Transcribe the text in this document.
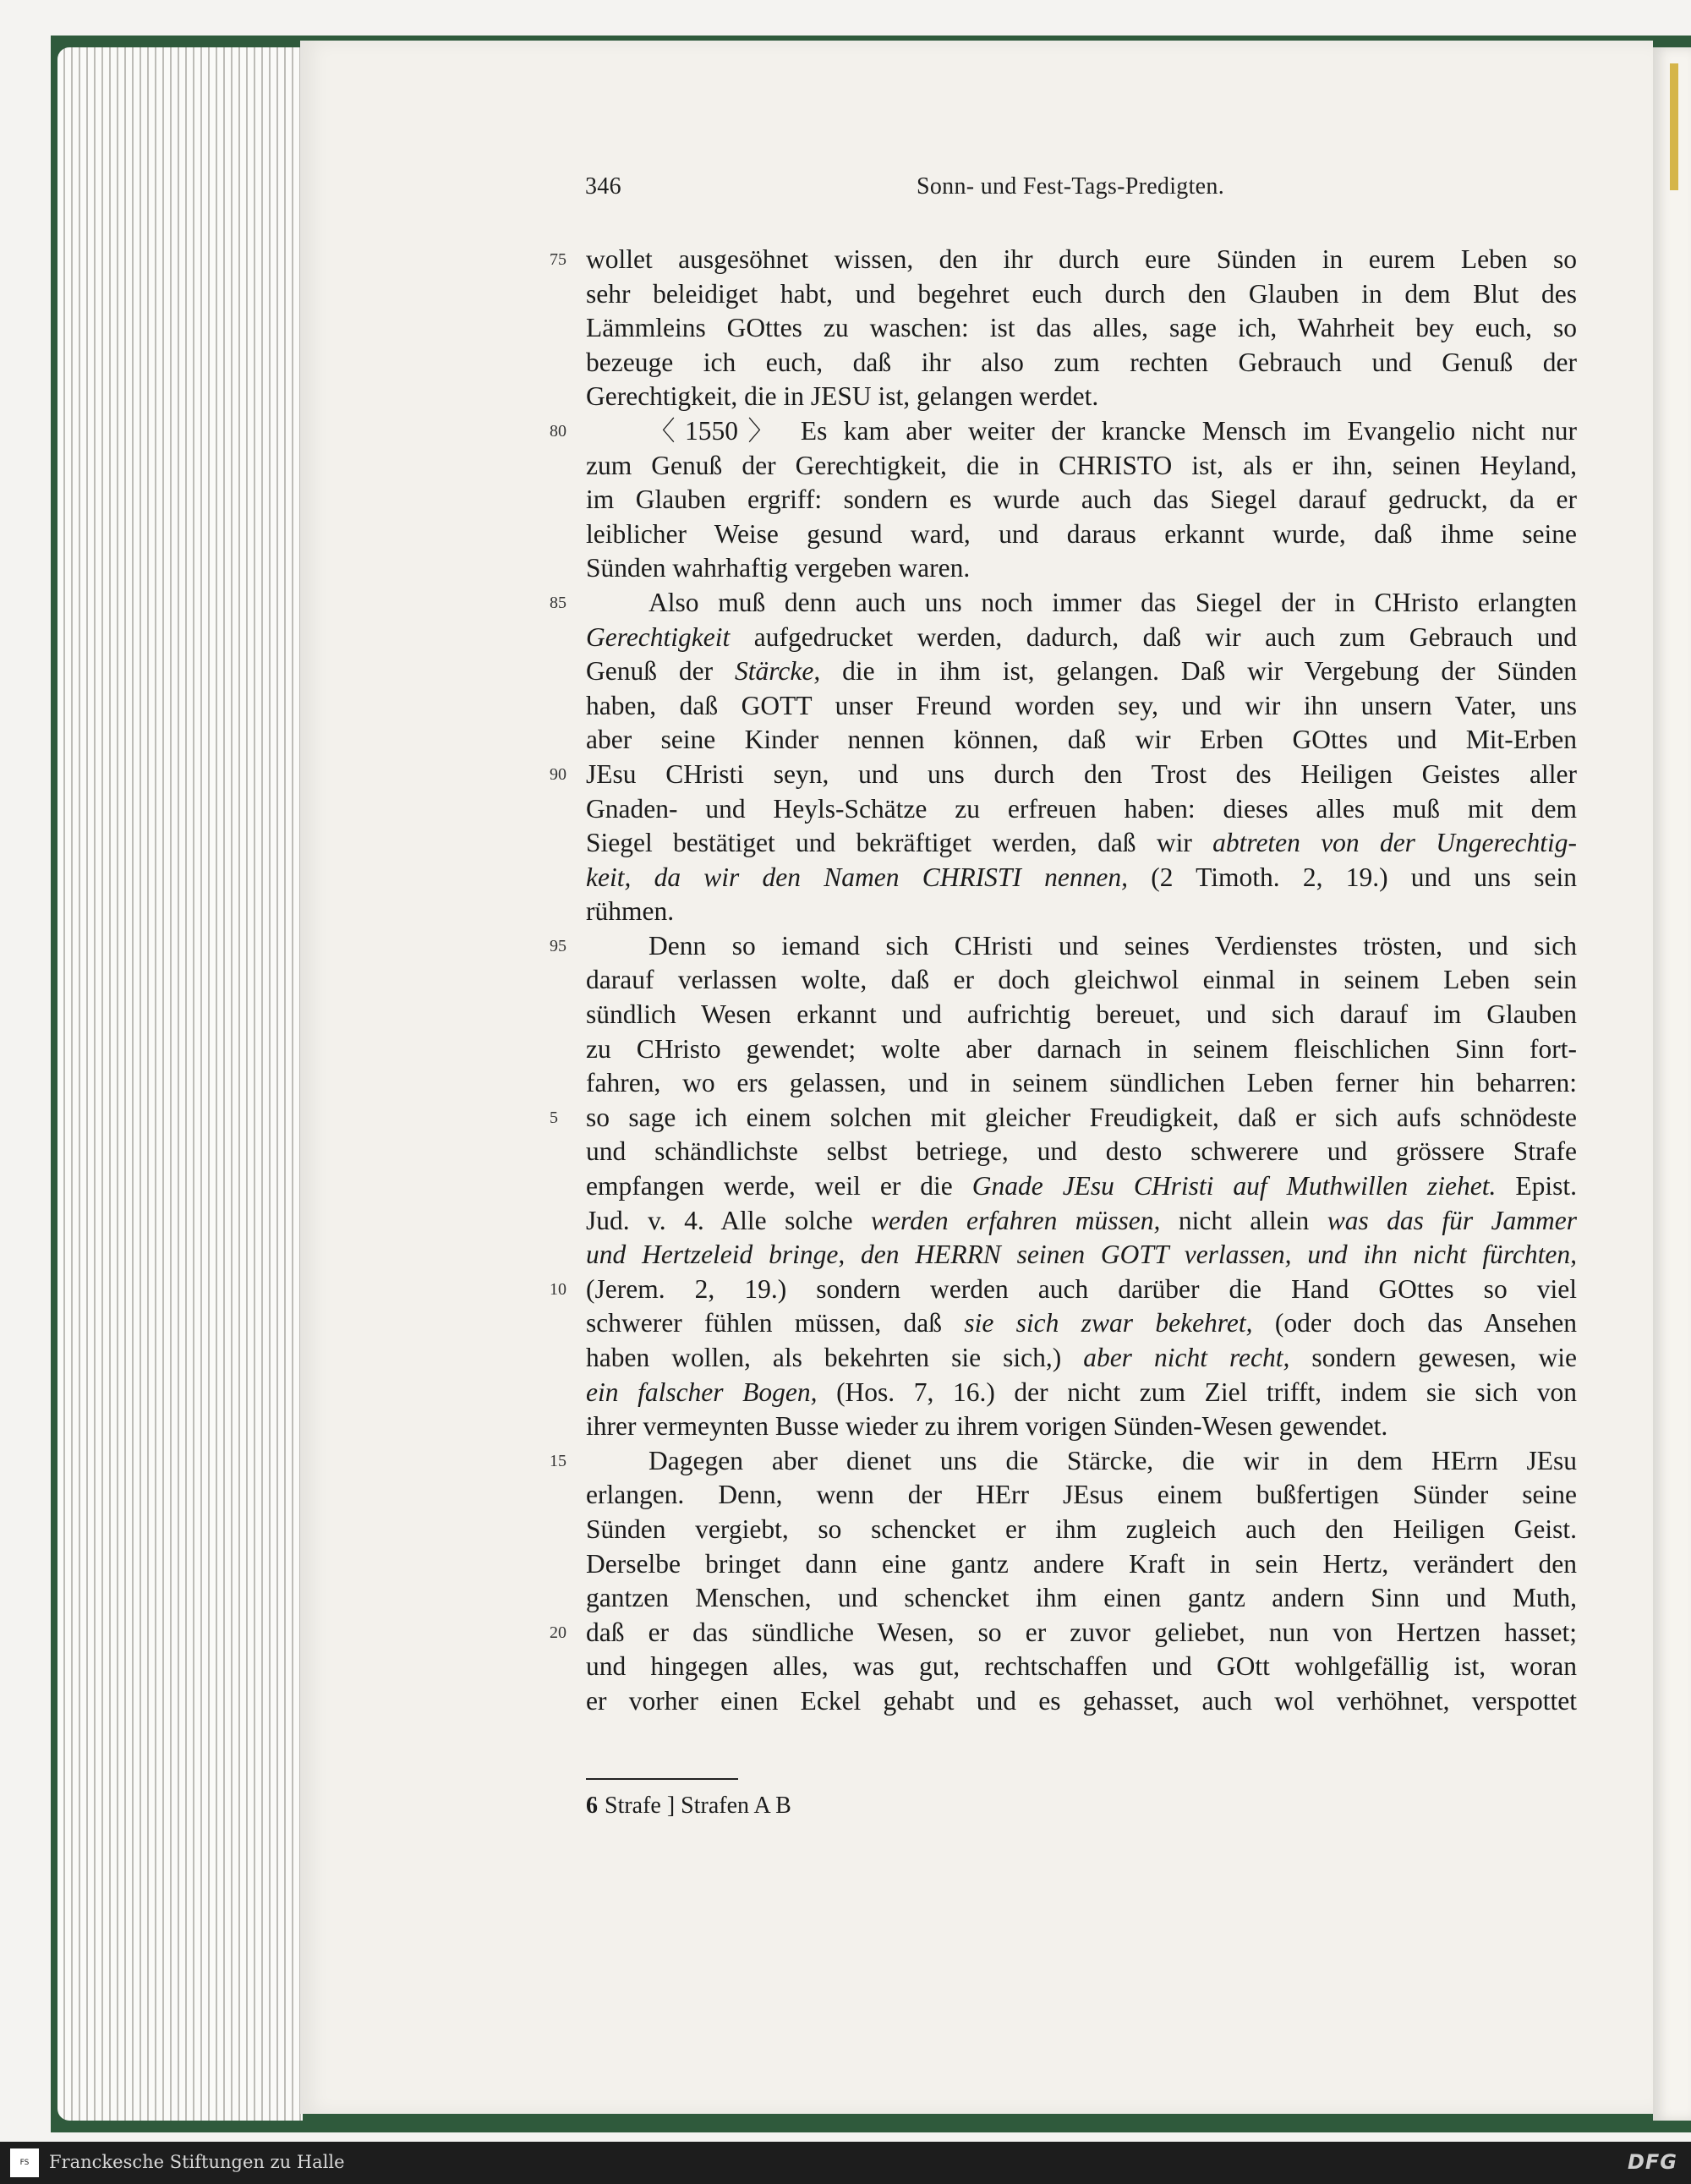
346	Sonn- und Fest-Tags-Predigten.
75 wollet ausgesöhnet wissen, den ihr durch eure Sünden in eurem Leben so
sehr beleidiget habt, und begehret euch durch den Glauben in dem Blut des
Lämmleins GOttes zu waschen: ist das alles, sage ich, Wahrheit bey euch, so
bezeuge ich euch, daß ihr also zum rechten Gebrauch und Genuß der
Gerechtigkeit, die in JESU ist, gelangen werdet.
80	〈1550〉 Es kam aber weiter der krancke Mensch im Evangelio nicht nur
zum Genuß der Gerechtigkeit, die in CHRISTO ist, als er ihn, seinen Heyland,
im Glauben ergriff: sondern es wurde auch das Siegel darauf gedruckt, da er
leiblicher Weise gesund ward, und daraus erkannt wurde, daß ihme seine
Sünden wahrhaftig vergeben waren.
85	Also muß denn auch uns noch immer das Siegel der in CHristo erlangten
Gerechtigkeit aufgedrucket werden, dadurch, daß wir auch zum Gebrauch und
Genuß der Stärcke, die in ihm ist, gelangen. Daß wir Vergebung der Sünden
haben, daß GOTT unser Freund worden sey, und wir ihn unsern Vater, uns
aber seine Kinder nennen können, daß wir Erben GOttes und Mit-Erben
90 JEsu CHristi seyn, und uns durch den Trost des Heiligen Geistes aller
Gnaden- und Heyls-Schätze zu erfreuen haben: dieses alles muß mit dem
Siegel bestätiget und bekräftiget werden, daß wir abtreten von der Ungerechtig-
keit, da wir den Namen CHRISTI nennen, (2 Timoth. 2, 19.) und uns sein
rühmen.
95	Denn so iemand sich CHristi und seines Verdienstes trösten, und sich
darauf verlassen wolte, daß er doch gleichwol einmal in seinem Leben sein
sündlich Wesen erkannt und aufrichtig bereuet, und sich darauf im Glauben
zu CHristo gewendet; wolte aber darnach in seinem fleischlichen Sinn fort-
fahren, wo ers gelassen, und in seinem sündlichen Leben ferner hin beharren:
5	so sage ich einem solchen mit gleicher Freudigkeit, daß er sich aufs schnödeste
und schändlichste selbst betriege, und desto schwerere und grössere Strafe
empfangen werde, weil er die Gnade JEsu CHristi auf Muthwillen ziehet. Epist.
Jud. v. 4. Alle solche werden erfahren müssen, nicht allein was das für Jammer
und Hertzeleid bringe, den HERRN seinen GOTT verlassen, und ihn nicht fürchten,
10 (Jerem. 2, 19.) sondern werden auch darüber die Hand GOttes so viel
schwerer fühlen müssen, daß sie sich zwar bekehret, (oder doch das Ansehen
haben wollen, als bekehrten sie sich,) aber nicht recht, sondern gewesen, wie
ein falscher Bogen, (Hos. 7, 16.) der nicht zum Ziel trifft, indem sie sich von
ihrer vermeynten Busse wieder zu ihrem vorigen Sünden-Wesen gewendet.
15	Dagegen aber dienet uns die Stärcke, die wir in dem HErrn JEsu
erlangen. Denn, wenn der HErr JEsus einem bußfertigen Sünder seine
Sünden vergiebt, so schencket er ihm zugleich auch den Heiligen Geist.
Derselbe bringet dann eine gantz andere Kraft in sein Hertz, verändert den
gantzen Menschen, und schencket ihm einen gantz andern Sinn und Muth,
20 daß er das sündliche Wesen, so er zuvor geliebet, nun von Hertzen hasset;
und hingegen alles, was gut, rechtschaffen und GOtt wohlgefällig ist, woran
er vorher einen Eckel gehabt und es gehasset, auch wol verhöhnet, verspottet
6 Strafe ] Strafen A B
FS Franckesche Stiftungen zu Halle	DFG
